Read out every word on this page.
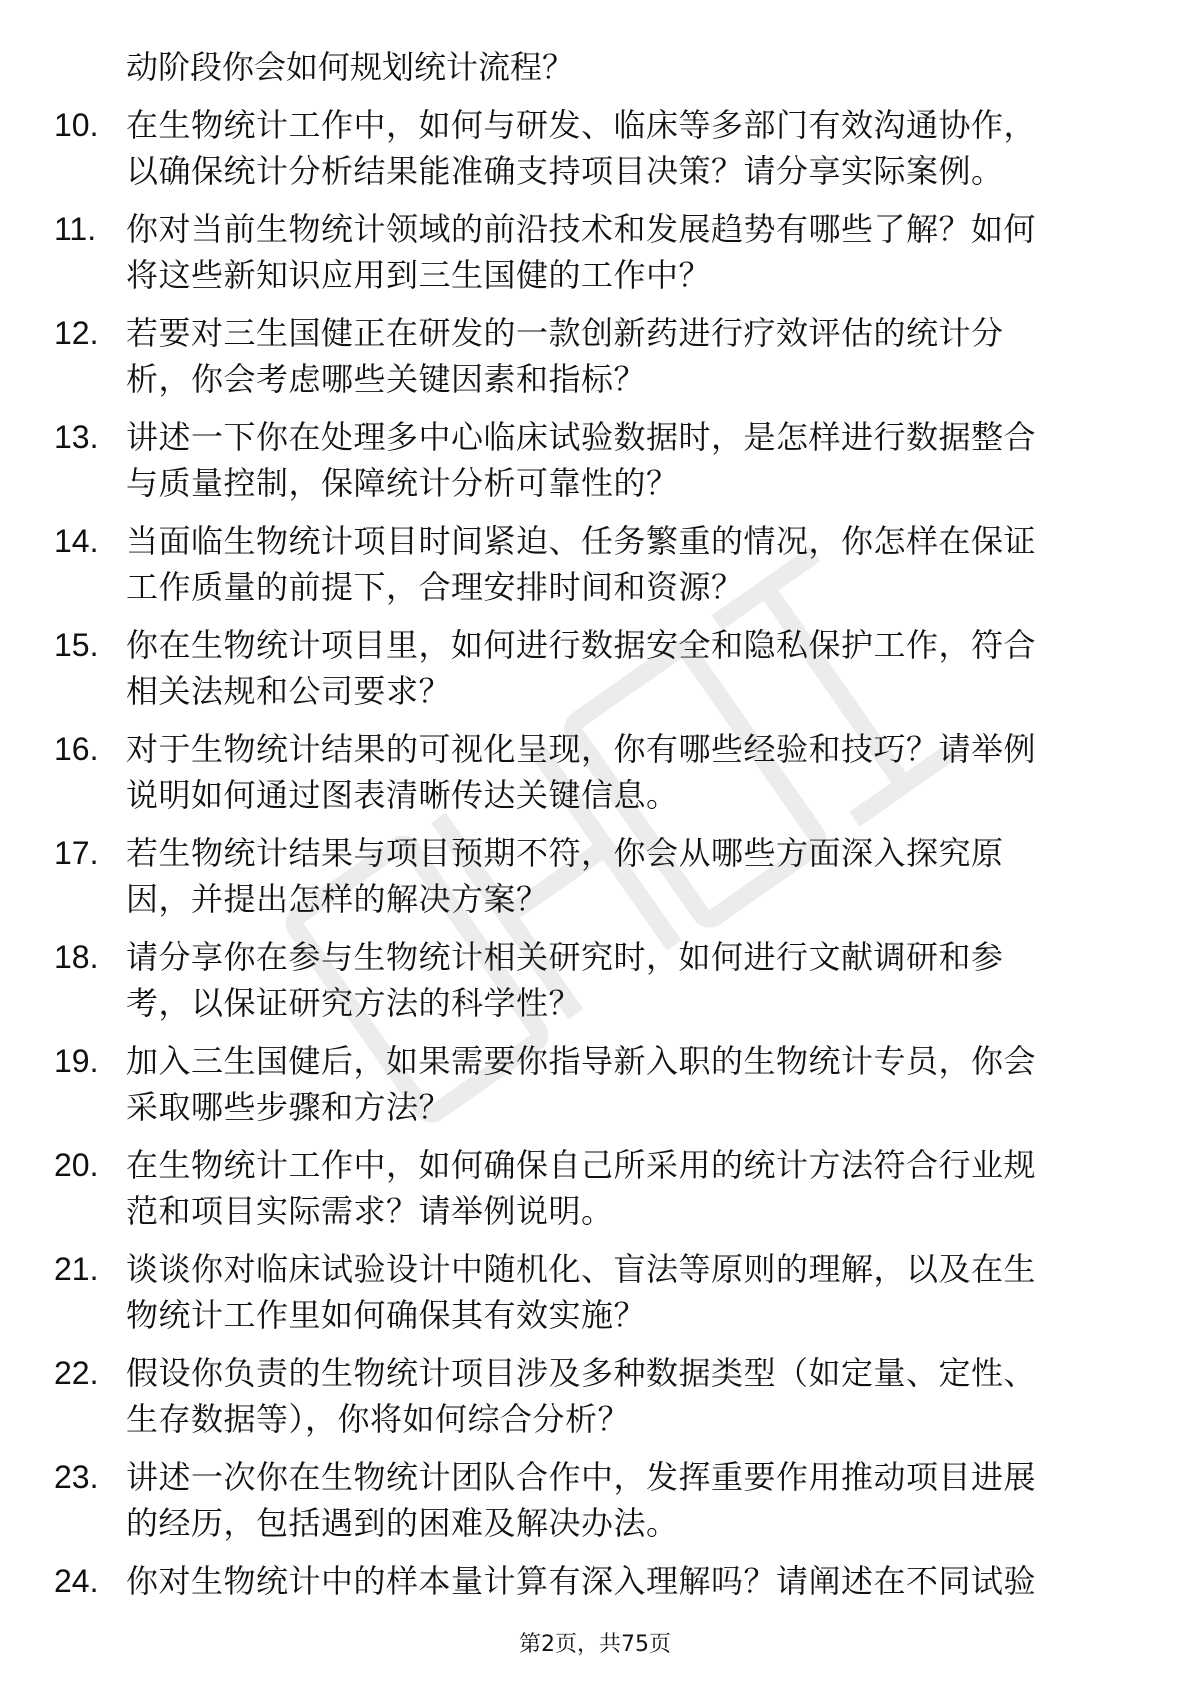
动阶段你会如何规划统计流程？
10. 在生物统计工作中，如何与研发、临床等多部门有效沟通协作，
以确保统计分析结果能准确支持项目决策？请分享实际案例。
11. 你对当前生物统计领域的前沿技术和发展趋势有哪些了解？如何
将这些新知识应用到三生国健的工作中？
12. 若要对三生国健正在研发的一款创新药进行疗效评估的统计分
析，你会考虑哪些关键因素和指标？
13. 讲述一下你在处理多中心临床试验数据时，是怎样进行数据整合
与质量控制，保障统计分析可靠性的？
14. 当面临生物统计项目时间紧迫、任务繁重的情况，你怎样在保证
工作质量的前提下，合理安排时间和资源？
15. 你在生物统计项目里，如何进行数据安全和隐私保护工作，符合
相关法规和公司要求？
16. 对于生物统计结果的可视化呈现，你有哪些经验和技巧？请举例
说明如何通过图表清晰传达关键信息。
17. 若生物统计结果与项目预期不符，你会从哪些方面深入探究原
因，并提出怎样的解决方案？
18. 请分享你在参与生物统计相关研究时，如何进行文献调研和参
考，以保证研究方法的科学性？
19. 加入三生国健后，如果需要你指导新入职的生物统计专员，你会
采取哪些步骤和方法？
20. 在生物统计工作中，如何确保自己所采用的统计方法符合行业规
范和项目实际需求？请举例说明。
21. 谈谈你对临床试验设计中随机化、盲法等原则的理解，以及在生
物统计工作里如何确保其有效实施？
22. 假设你负责的生物统计项目涉及多种数据类型（如定量、定性、
生存数据等），你将如何综合分析？
23. 讲述一次你在生物统计团队合作中，发挥重要作用推动项目进展
的经历，包括遇到的困难及解决办法。
24. 你对生物统计中的样本量计算有深入理解吗？请阐述在不同试验
第2页，共75页
